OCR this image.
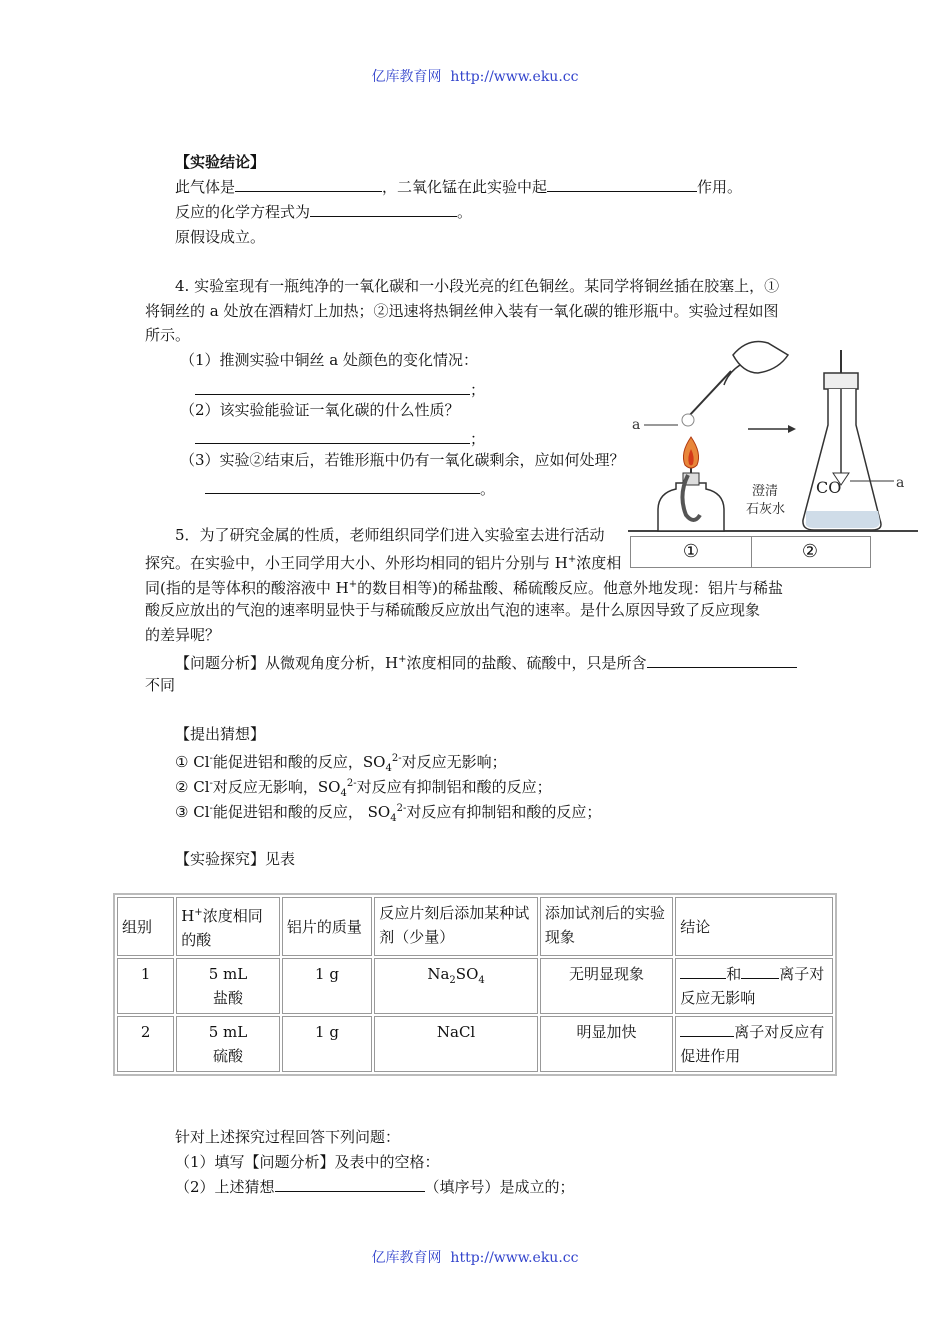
亿库教育网 http://www.eku.cc
【实验结论】
此气体是	，二氧化锰在此实验中起	作用。
反应的化学方程式为	。
原假设成立。
4. 实验室现有一瓶纯净的一氧化碳和一小段光亮的红色铜丝。某同学将铜丝插在胶塞上，①
将铜丝的 a 处放在酒精灯上加热；②迅速将热铜丝伸入装有一氧化碳的锥形瓶中。实验过程如图
所示。
（1）推测实验中铜丝 a 处颜色的变化情况：
；
（2）该实验能验证一氧化碳的什么性质？
；
（3）实验②结束后，若锥形瓶中仍有一氧化碳剩余，应如何处理？
。
a
澄清
石灰水
CO	a
①	②
5．为了研究金属的性质，老师组织同学们进入实验室去进行活动
探究。在实验中，小王同学用大小、外形均相同的铝片分别与 H+浓度相
同(指的是等体积的酸溶液中 H+的数目相等)的稀盐酸、稀硫酸反应。他意外地发现：铝片与稀盐
酸反应放出的气泡的速率明显快于与稀硫酸反应放出气泡的速率。是什么原因导致了反应现象
的差异呢？
【问题分析】从微观角度分析，H+浓度相同的盐酸、硫酸中，只是所含
不同
【提出猜想】
① Cl-能促进铝和酸的反应，$SO_4^{2-}$对反应无影响；
② Cl-对反应无影响，$SO_4^{2-}$对反应有抑制铝和酸的反应；
③ Cl-能促进铝和酸的反应， $SO_4^{2-}$对反应有抑制铝和酸的反应；
【实验探究】见表
组别	H+浓度相同的酸	铝片的质量	反应片刻后添加某种试剂（少量）	添加试剂后的实验现象	结论
1	5 mL
盐酸	1 g	$Na_2SO_4$	无明显现象	和 离子对
反应无影响
2	5 mL
硫酸	1 g	NaCl	明显加快	离子对反应有
促进作用
针对上述探究过程回答下列问题：
（1）填写【问题分析】及表中的空格：
（2）上述猜想	（填序号）是成立的；
亿库教育网 http://www.eku.cc
